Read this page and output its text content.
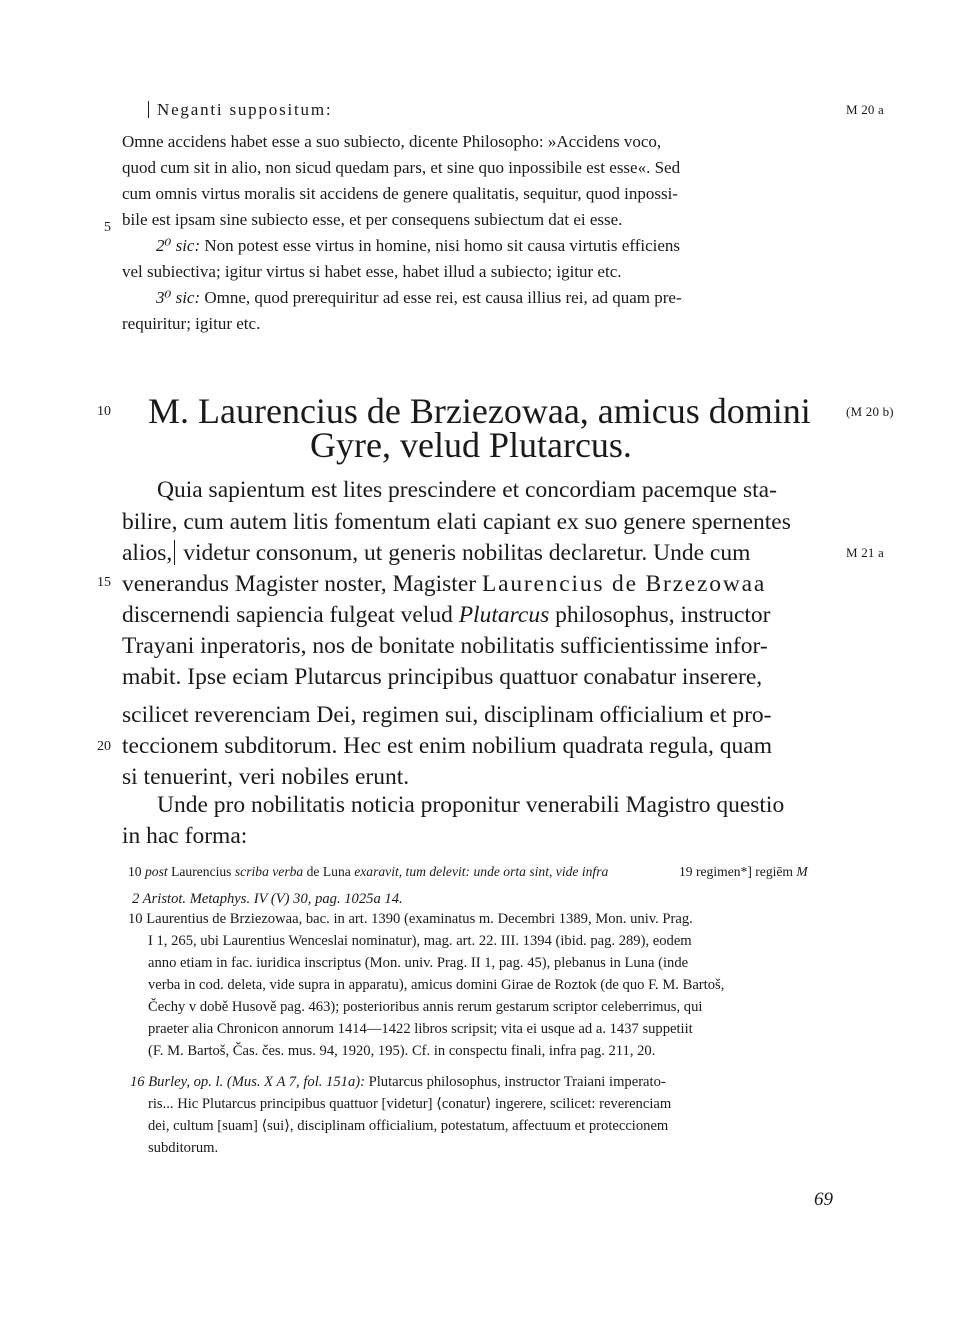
M 20 a
(M 20 b)
M 21 a
5
10
15
20
Neganti suppositum:
Omne accidens habet esse a suo subiecto, dicente Philosopho: »Accidens voco,
quod cum sit in alio, non sicud quedam pars, et sine quo inpossibile est esse«. Sed
cum omnis virtus moralis sit accidens de genere qualitatis, sequitur, quod inpossi-
bile est ipsam sine subiecto esse, et per consequens subiectum dat ei esse.
2⁰ sic: Non potest esse virtus in homine, nisi homo sit causa virtutis efficiens
vel subiectiva; igitur virtus si habet esse, habet illud a subiecto; igitur etc.
3⁰ sic: Omne, quod prerequiritur ad esse rei, est causa illius rei, ad quam pre-
requiritur; igitur etc.
M. Laurencius de Brziezowaa, amicus domini
Gyre, velud Plutarcus.
Quia sapientum est lites prescindere et concordiam pacemque sta-
bilire, cum autem litis fomentum elati capiant ex suo genere spernentes
alios, videtur consonum, ut generis nobilitas declaretur. Unde cum
venerandus Magister noster, Magister Laurencius de Brzezowaa
discernendi sapiencia fulgeat velud Plutarcus philosophus, instructor
Trayani inperatoris, nos de bonitate nobilitatis sufficientissime infor-
mabit. Ipse eciam Plutarcus principibus quattuor conabatur inserere,
scilicet reverenciam Dei, regimen sui, disciplinam officialium et pro-
teccionem subditorum. Hec est enim nobilium quadrata regula, quam
si tenuerint, veri nobiles erunt.
Unde pro nobilitatis noticia proponitur venerabili Magistro questio
in hac forma:
10 post Laurencius scriba verba de Luna exaravit, tum delevit: unde orta sint, vide infra	19 regimen*] regiēm M
2 Aristot. Metaphys. IV (V) 30, pag. 1025a 14.
10 Laurentius de Brziezowaa, bac. in art. 1390 (examinatus m. Decembri 1389, Mon. univ. Prag.
I 1, 265, ubi Laurentius Wenceslai nominatur), mag. art. 22. III. 1394 (ibid. pag. 289), eodem
anno etiam in fac. iuridica inscriptus (Mon. univ. Prag. II 1, pag. 45), plebanus in Luna (inde
verba in cod. deleta, vide supra in apparatu), amicus domini Girae de Roztok (de quo F. M. Bartoš,
Čechy v době Husově pag. 463); posterioribus annis rerum gestarum scriptor celeberrimus, qui
praeter alia Chronicon annorum 1414—1422 libros scripsit; vita ei usque ad a. 1437 suppetiit
(F. M. Bartoš, Čas. čes. mus. 94, 1920, 195). Cf. in conspectu finali, infra pag. 211, 20.
16 Burley, op. l. (Mus. X A 7, fol. 151a): Plutarcus philosophus, instructor Traiani imperato-
ris... Hic Plutarcus principibus quattuor [videtur] ⟨conatur⟩ ingerere, scilicet: reverenciam
dei, cultum [suam] ⟨sui⟩, disciplinam officialium, potestatum, affectuum et proteccionem
subditorum.
69
